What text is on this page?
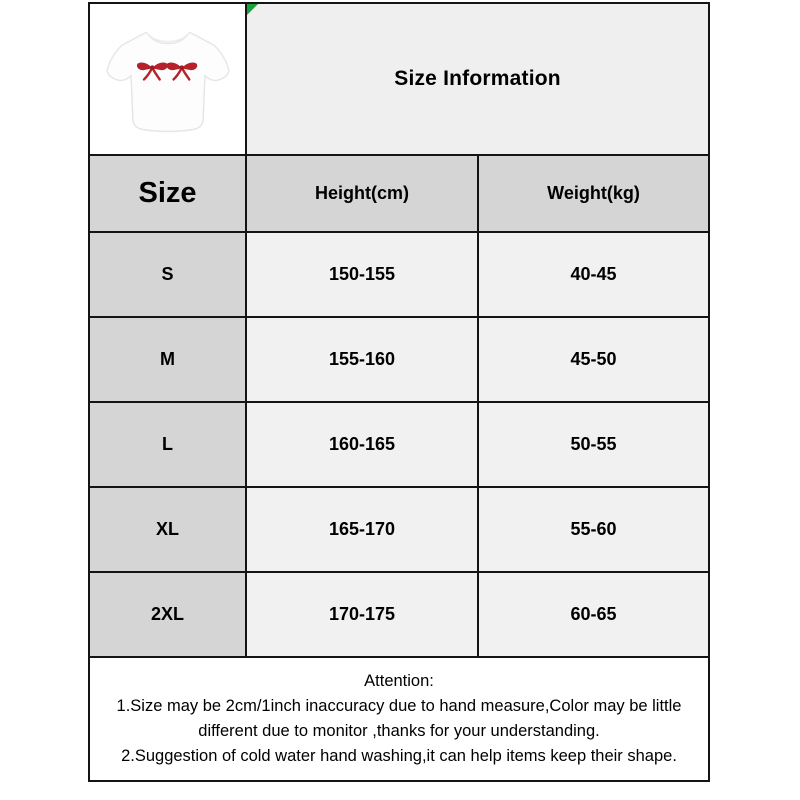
Size Information	
Size	Height(cm)	Weight(kg)
S	150-155	40-45
M	155-160	45-50
L	160-165	50-55
XL	165-170	55-60
2XL	170-175	60-65

Attention:
1.Size may be 2cm/1inch inaccuracy due to hand measure,Color may be little
different due to monitor ,thanks for your understanding.
2.Suggestion of cold water hand washing,it can help items keep their shape.		
